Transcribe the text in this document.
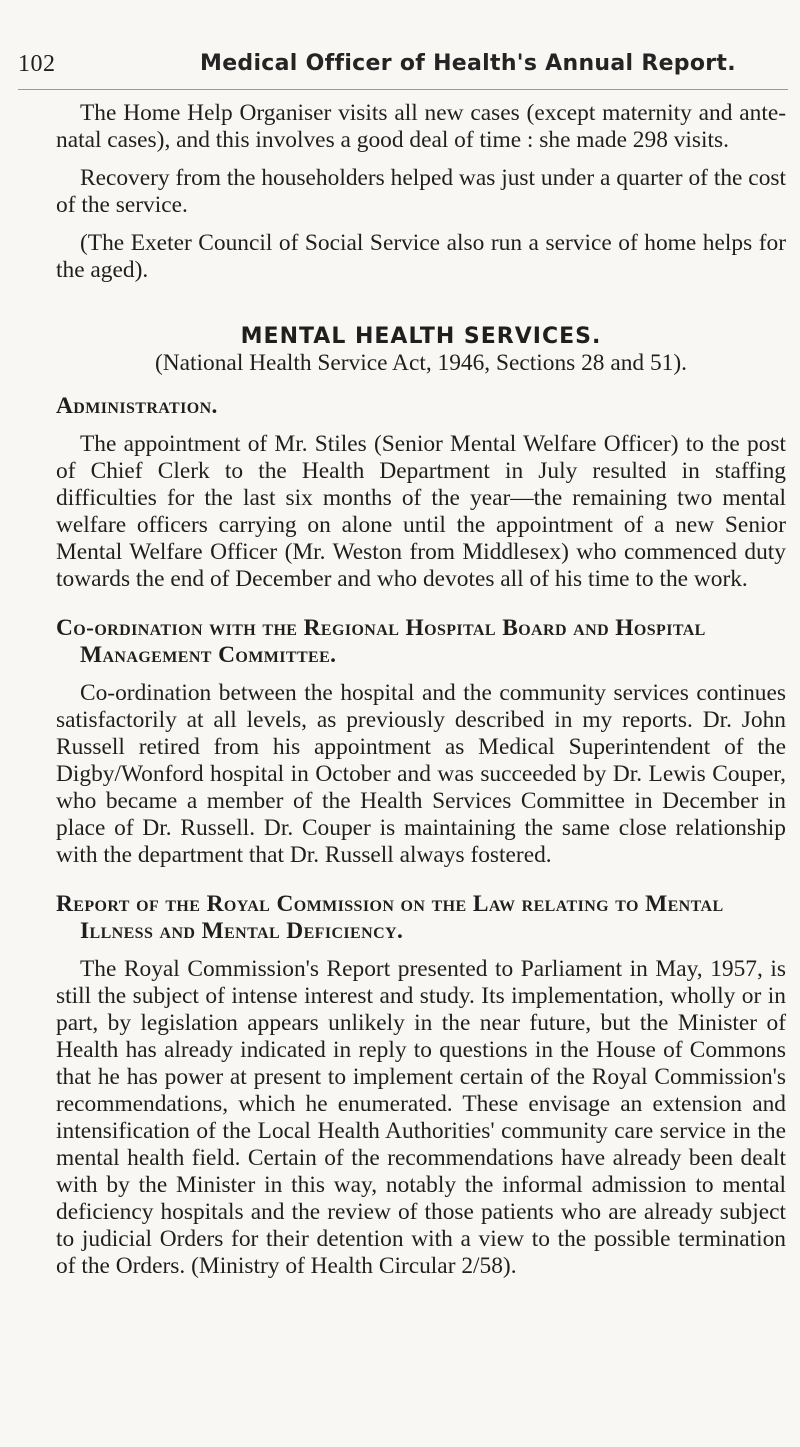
102	Medical Officer of Health's Annual Report.

The Home Help Organiser visits all new cases (except maternity and ante-natal cases), and this involves a good deal of time : she made 298 visits.

Recovery from the householders helped was just under a quarter of the cost of the service.

(The Exeter Council of Social Service also run a service of home helps for the aged).

MENTAL HEALTH SERVICES.

(National Health Service Act, 1946, Sections 28 and 51).

Administration.

The appointment of Mr. Stiles (Senior Mental Welfare Officer) to the post of Chief Clerk to the Health Department in July resulted in staffing difficulties for the last six months of the year—the remaining two mental welfare officers carrying on alone until the appointment of a new Senior Mental Welfare Officer (Mr. Weston from Middlesex) who commenced duty towards the end of December and who devotes all of his time to the work.

Co-ordination with the Regional Hospital Board and Hospital Management Committee.

Co-ordination between the hospital and the community services continues satisfactorily at all levels, as previously described in my reports. Dr. John Russell retired from his appointment as Medical Superintendent of the Digby/Wonford hospital in October and was succeeded by Dr. Lewis Couper, who became a member of the Health Services Committee in December in place of Dr. Russell. Dr. Couper is maintaining the same close relationship with the department that Dr. Russell always fostered.

Report of the Royal Commission on the Law relating to Mental Illness and Mental Deficiency.

The Royal Commission's Report presented to Parliament in May, 1957, is still the subject of intense interest and study. Its implementation, wholly or in part, by legislation appears unlikely in the near future, but the Minister of Health has already indicated in reply to questions in the House of Commons that he has power at present to implement certain of the Royal Commission's recommendations, which he enumerated. These envisage an extension and intensification of the Local Health Authorities' community care service in the mental health field. Certain of the recommendations have already been dealt with by the Minister in this way, notably the informal admission to mental deficiency hospitals and the review of those patients who are already subject to judicial Orders for their detention with a view to the possible termination of the Orders. (Ministry of Health Circular 2/58).
